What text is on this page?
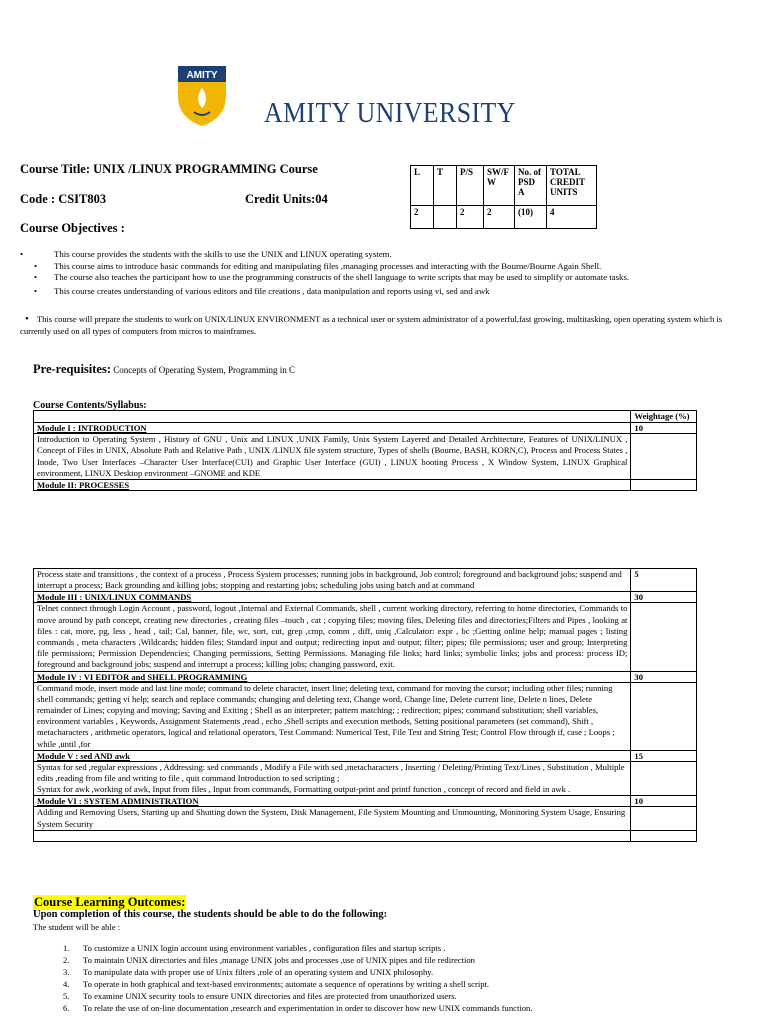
AMITY
AMITY UNIVERSITY
Course Title: UNIX /LINUX PROGRAMMING Course
Code : CSIT803	Credit Units:04
Course Objectives :
L	T	P/S	SW/F W	No. of PSD A	TOTAL CREDIT UNITS
2		2	2	(10)	4
•	This course provides the students with the skills to use the UNIX and LINUX operating system.
• This course aims to introduce basic commands for editing and manipulating files ,managing processes and interacting with the Bourne/Bourne Again Shell.
• The course also teaches the participant how to use the programming constructs of the shell language to write scripts that may be used to simplify or automate tasks.
• This course creates understanding of various editors and file creations , data manipulation and reports using vi, sed and awk
• This course will prepare the students to work on UNIX/LINUX ENVIRONMENT as a technical user or system administrator of a powerful,fast growing, multitasking, open operating system which is currently used on all types of computers from micros to mainframes.
Pre-requisites: Concepts of Operating System, Programming in C
Course Contents/Syllabus:
	Weightage (%)
Module I : INTRODUCTION	10
Introduction to Operating System , History of GNU , Unix and LINUX ,UNIX Family, Unix System Layered and Detailed Architecture, Features of UNIX/LINUX , Concept of Files in UNIX, Absolute Path and Relative Path , UNIX /LINUX file system structure, Types of shells (Bourne, BASH, KORN,C), Process and Process States , Inode, Two User Interfaces –Character User Interface(CUI) and Graphic User Interface (GUI) , LINUX booting Process , X Window System, LINUX Graphical environment, LINUX Desktop environment –GNOME and KDE	
Module II: PROCESSES	
Process state and transitions , the context of a process , Process System processes; running jobs in background, Job control; foreground and background jobs; suspend and interrupt a process; Back grounding and killing jobs; stopping and restarting jobs; scheduling jobs using batch and at command	5
Module III : UNIX/LINUX COMMANDS	30
Telnet connect through Login Account , password, logout ,Internal and External Commands, shell , current working directory, referring to home directories, Commands to move around by path concept, creating new directories , creating files –touch , cat ; copying files; moving files, Deleting files and directories;Filters and Pipes , looking at files : cat, more, pg, less , head , tail; Cal, banner, file, wc, sort, cut, grep ,cmp, comm , diff, uniq ,Calculator: expr , bc ;Getting online help; manual pages ; listing commands , meta characters ,Wildcards; hidden files; Standard input and output; redirecting input and output; filter; pipes; file permissions; user and group; Interpreting file permissions; Permission Dependencies; Changing permissions, Setting Permissions. Managing file links; hard links; symbolic links; jobs and process: process ID; foreground and background jobs; suspend and interrupt a process; killing jobs; changing password, exit.	
Module IV : VI EDITOR and SHELL PROGRAMMING	30
Command mode, insert mode and last line mode; command to delete character, insert line; deleting text, command for moving the cursor; including other files; running shell commands; getting vi help; search and replace commands; changing and deleting text, Change word, Change line, Delete current line, Delete n lines, Delete remainder of Lines; copying and moving; Saving and Exiting ; Shell as an interpreter; pattern matching; ; redirection; pipes; command substitution; shell variables, environment variables , Keywords, Assignment Statements ,read , echo ,Shell scripts and execution methods, Setting positional parameters (set command), Shift , metacharacters , arithmetic operators, logical and relational operators, Test Command: Numerical Test, File Test and String Test; Control Flow through if, case ; Loops ; while ,until ,for	
Module V : sed AND awk	15

Syntax for sed ,regular expressions , Addressing: sed commands , Modify a File with sed ,metacharacters , Inserting / Deleting/Printing Text/Lines , Substitution , Multiple edits ,reading from file and writing to file , quit command Introduction to sed scripting ;
Syntax for awk ,working of awk, Input from files , Input from commands, Formatting output-print and printf function , concept of record and field in awk .	

Module VI : SYSTEM ADMINISTRATION	10
Adding and Removing Users, Starting up and Shutting down the System, Disk Management, File System Mounting and Unmounting, Monitoring System Usage, Ensuring System Security	

Course Learning Outcomes:
Upon completion of this course, the students should be able to do the following:
The student will be able :
1. To customize a UNIX login account using environment variables , configuration files and startup scripts .
2. To maintain UNIX directories and files ,manage UNIX jobs and processes ,use of UNIX pipes and file redirection
3. To manipulate data with proper use of Unix filters ,role of an operating system and UNIX philosophy.
4. To operate in both graphical and text-based environments; automate a sequence of operations by writing a shell script.
5. To examine UNIX security tools to ensure UNIX directories and files are protected from unauthorized users.
6. To relate the use of on-line documentation ,research and experimentation in order to discover how new UNIX commands function.
